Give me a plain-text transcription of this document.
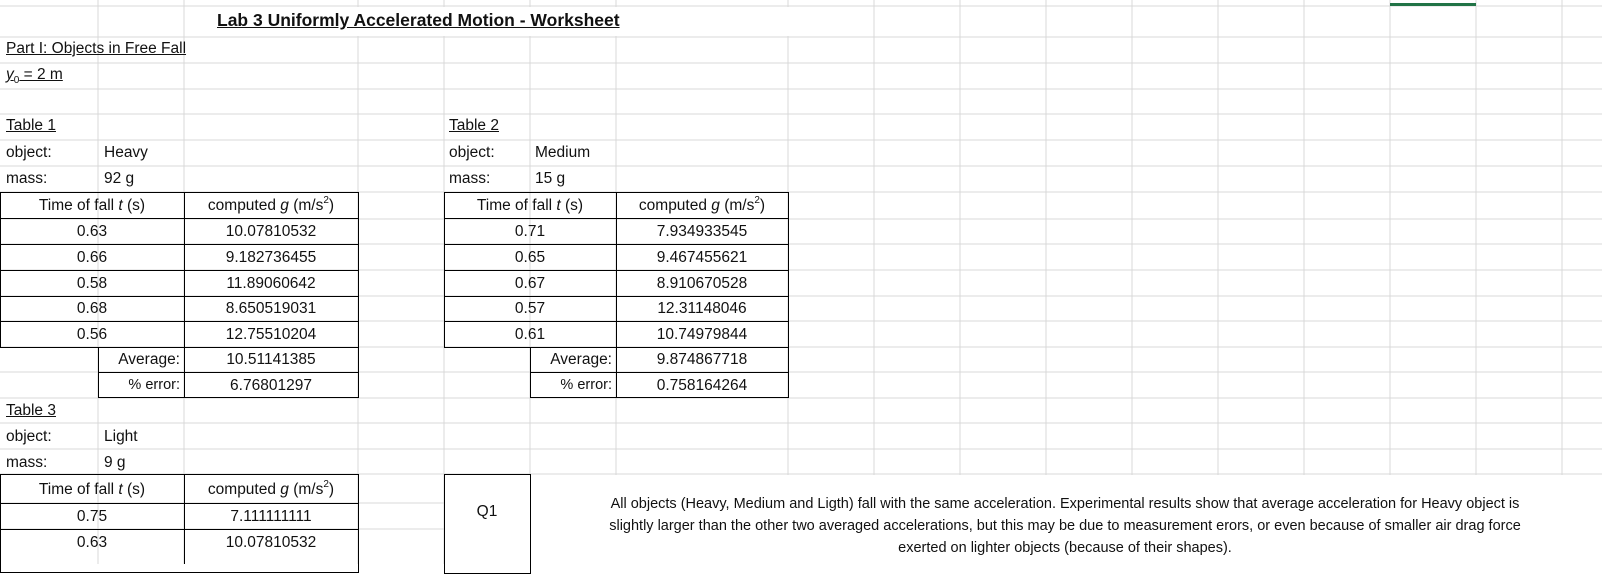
Lab 3 Uniformly Accelerated Motion - Worksheet
Part I: Objects in Free Fall
$y_0 = 2$ m
Table 1
object:	Heavy
mass:	92 g
Time of fall t (s)	computed g $(m/s^2)$
0.63	10.07810532
0.66	9.182736455
0.58	11.89060642
0.68	8.650519031
0.56	12.75510204
Average:	10.51141385
% error:	6.76801297
Table 2
object:	Medium
mass:	15 g
Time of fall t (s)	computed g $(m/s^2)$
0.71	7.934933545
0.65	9.467455621
0.67	8.910670528
0.57	12.31148046
0.61	10.74979844
Average:	9.874867718
% error:	0.758164264
Table 3
object:	Light
mass:	9 g
Time of fall t (s)	computed g $(m/s^2)$
0.75	7.111111111
0.63	10.07810532
Q1	All objects (Heavy, Medium and Ligth) fall with the same acceleration. Experimental results show that average acceleration for Heavy object is
slightly larger than the other two averaged accelerations, but this may be due to measurement erors, or even because of smaller air drag force
exerted on lighter objects (because of their shapes).
